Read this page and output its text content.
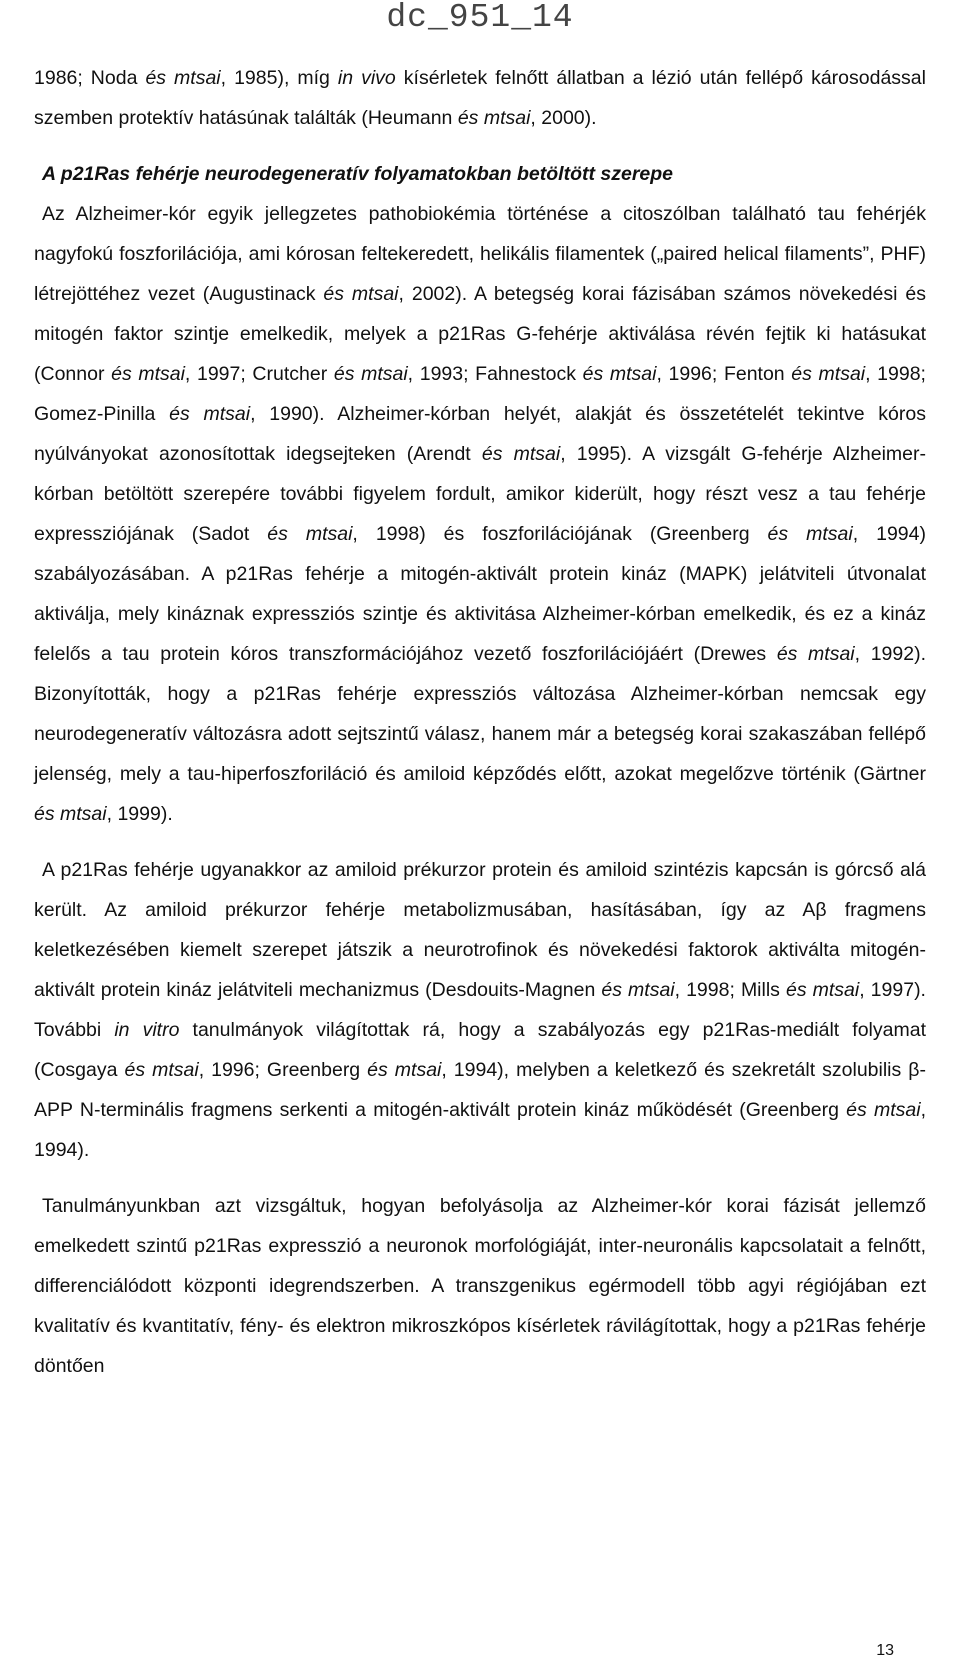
dc_951_14

1986; Noda és mtsai, 1985), míg in vivo kísérletek felnőtt állatban a lézió után fellépő károsodással szemben protektív hatásúnak találták (Heumann és mtsai, 2000).

A p21Ras fehérje neurodegeneratív folyamatokban betöltött szerepe

Az Alzheimer-kór egyik jellegzetes pathobiokémia történése a citoszólban található tau fehérjék nagyfokú foszforilációja, ami kórosan feltekeredett, helikális filamentek („paired helical filaments”, PHF) létrejöttéhez vezet (Augustinack és mtsai, 2002). A betegség korai fázisában számos növekedési és mitogén faktor szintje emelkedik, melyek a p21Ras G-fehérje aktiválása révén fejtik ki hatásukat (Connor és mtsai, 1997; Crutcher és mtsai, 1993; Fahnestock és mtsai, 1996; Fenton és mtsai, 1998; Gomez-Pinilla és mtsai, 1990). Alzheimer-kórban helyét, alakját és összetételét tekintve kóros nyúlványokat azonosítottak idegsejteken (Arendt és mtsai, 1995). A vizsgált G-fehérje Alzheimer-kórban betöltött szerepére további figyelem fordult, amikor kiderült, hogy részt vesz a tau fehérje expressziójának (Sadot és mtsai, 1998) és foszforilációjának (Greenberg és mtsai, 1994) szabályozásában. A p21Ras fehérje a mitogén-aktivált protein kináz (MAPK) jelátviteli útvonalat aktiválja, mely kináznak expressziós szintje és aktivitása Alzheimer-kórban emelkedik, és ez a kináz felelős a tau protein kóros transzformációjához vezető foszforilációjáért (Drewes és mtsai, 1992). Bizonyították, hogy a p21Ras fehérje expressziós változása Alzheimer-kórban nemcsak egy neurodegeneratív változásra adott sejtszintű válasz, hanem már a betegség korai szakaszában fellépő jelenség, mely a tau-hiperfoszforiláció és amiloid képződés előtt, azokat megelőzve történik (Gärtner és mtsai, 1999).

A p21Ras fehérje ugyanakkor az amiloid prékurzor protein és amiloid szintézis kapcsán is górcső alá került. Az amiloid prékurzor fehérje metabolizmusában, hasításában, így az Aβ fragmens keletkezésében kiemelt szerepet játszik a neurotrofinok és növekedési faktorok aktiválta mitogén-aktivált protein kináz jelátviteli mechanizmus (Desdouits-Magnen és mtsai, 1998; Mills és mtsai, 1997). További in vitro tanulmányok világítottak rá, hogy a szabályozás egy p21Ras-mediált folyamat (Cosgaya és mtsai, 1996; Greenberg és mtsai, 1994), melyben a keletkező és szekretált szolubilis β-APP N-terminális fragmens serkenti a mitogén-aktivált protein kináz működését (Greenberg és mtsai, 1994).

Tanulmányunkban azt vizsgáltuk, hogyan befolyásolja az Alzheimer-kór korai fázisát jellemző emelkedett szintű p21Ras expresszió a neuronok morfológiáját, inter-neuronális kapcsolatait a felnőtt, differenciálódott központi idegrendszerben. A transzgenikus egérmodell több agyi régiójában ezt kvalitatív és kvantitatív, fény- és elektron mikroszkópos kísérletek rávilágítottak, hogy a p21Ras fehérje döntően

13
